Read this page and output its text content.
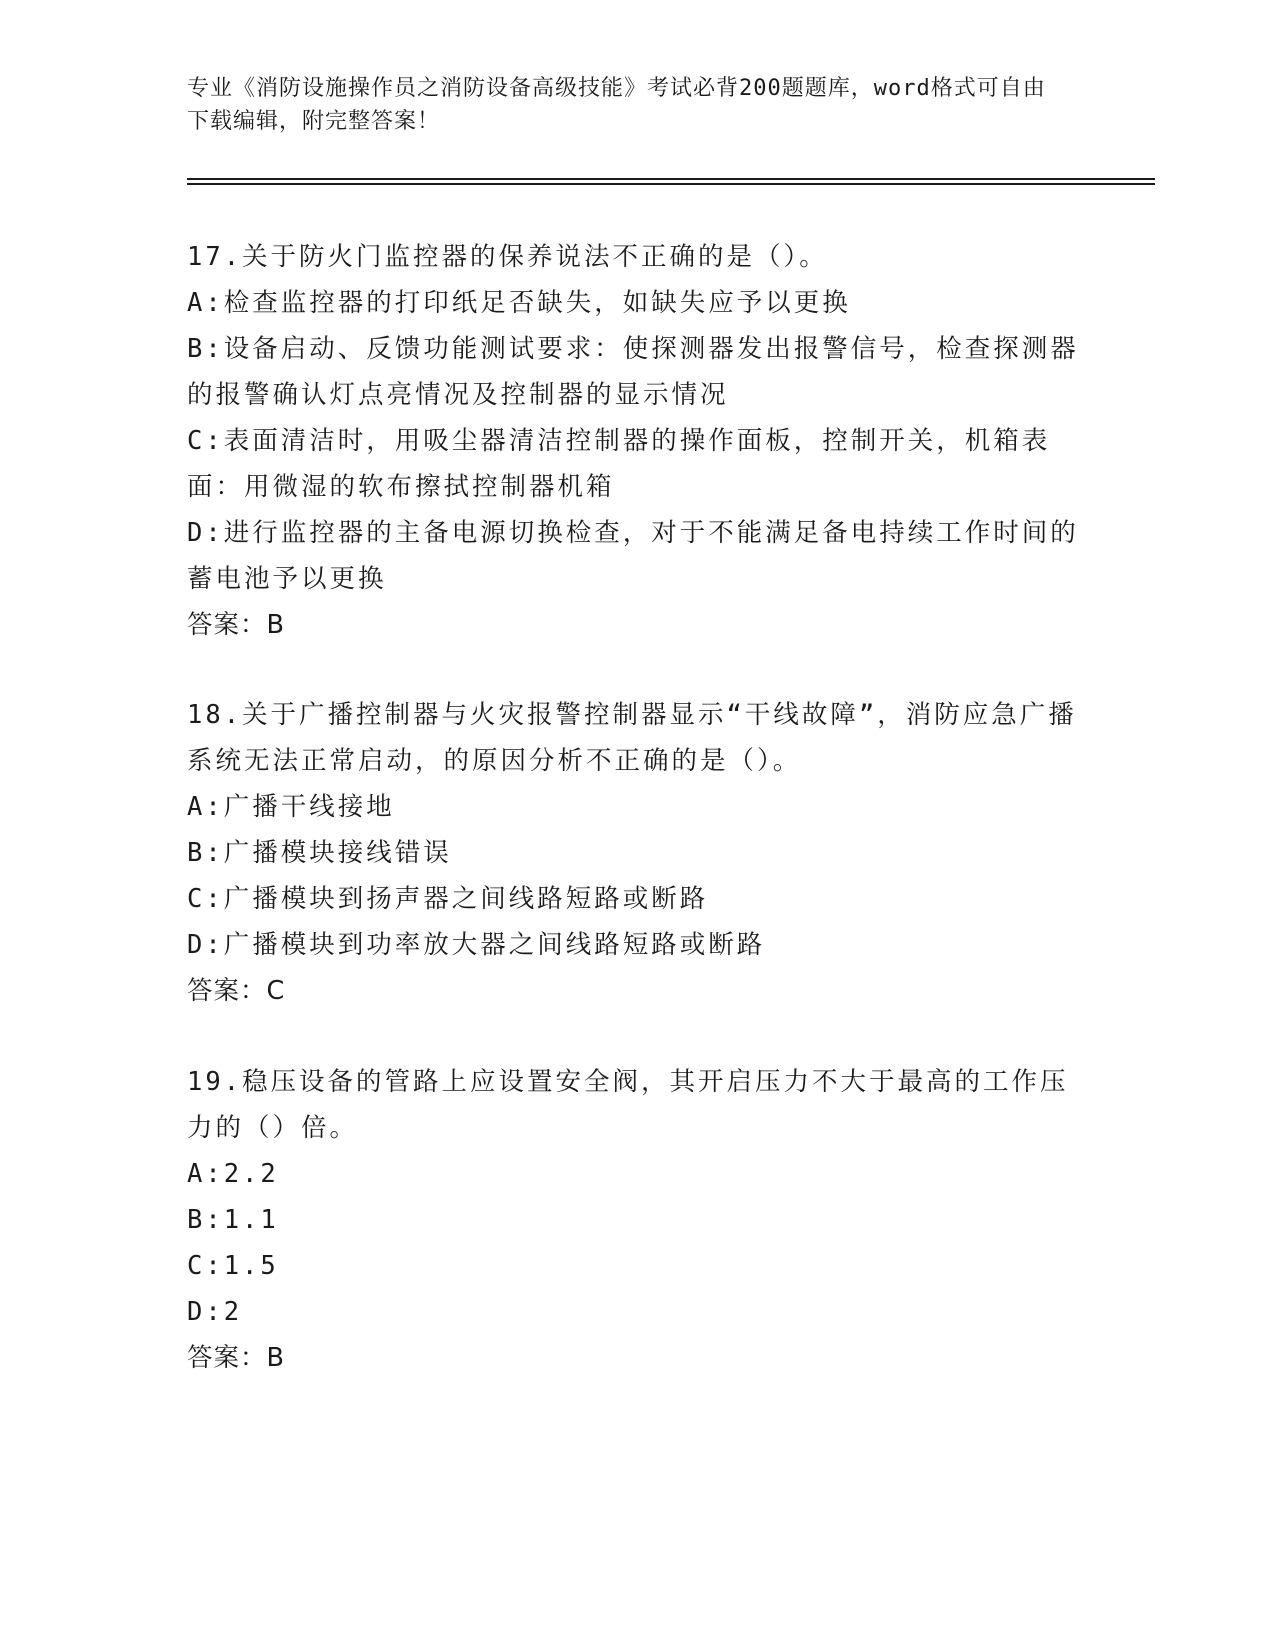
专业《消防设施操作员之消防设备高级技能》考试必背200题题库，word格式可自由下载编辑，附完整答案！
17.关于防火门监控器的保养说法不正确的是（）。
A:检查监控器的打印纸足否缺失，如缺失应予以更换
B:设备启动、反馈功能测试要求：使探测器发出报警信号，检查探测器的报警确认灯点亮情况及控制器的显示情况
C:表面清洁时，用吸尘器清洁控制器的操作面板，控制开关，机箱表面：用微湿的软布擦拭控制器机箱
D:进行监控器的主备电源切换检查，对于不能满足备电持续工作时间的蓄电池予以更换
答案：B
18.关于广播控制器与火灾报警控制器显示“干线故障”，消防应急广播系统无法正常启动，的原因分析不正确的是（）。
A:广播干线接地
B:广播模块接线错误
C:广播模块到扬声器之间线路短路或断路
D:广播模块到功率放大器之间线路短路或断路
答案：C
19.稳压设备的管路上应设置安全阀，其开启压力不大于最高的工作压力的（）倍。
A:2.2
B:1.1
C:1.5
D:2
答案：B
